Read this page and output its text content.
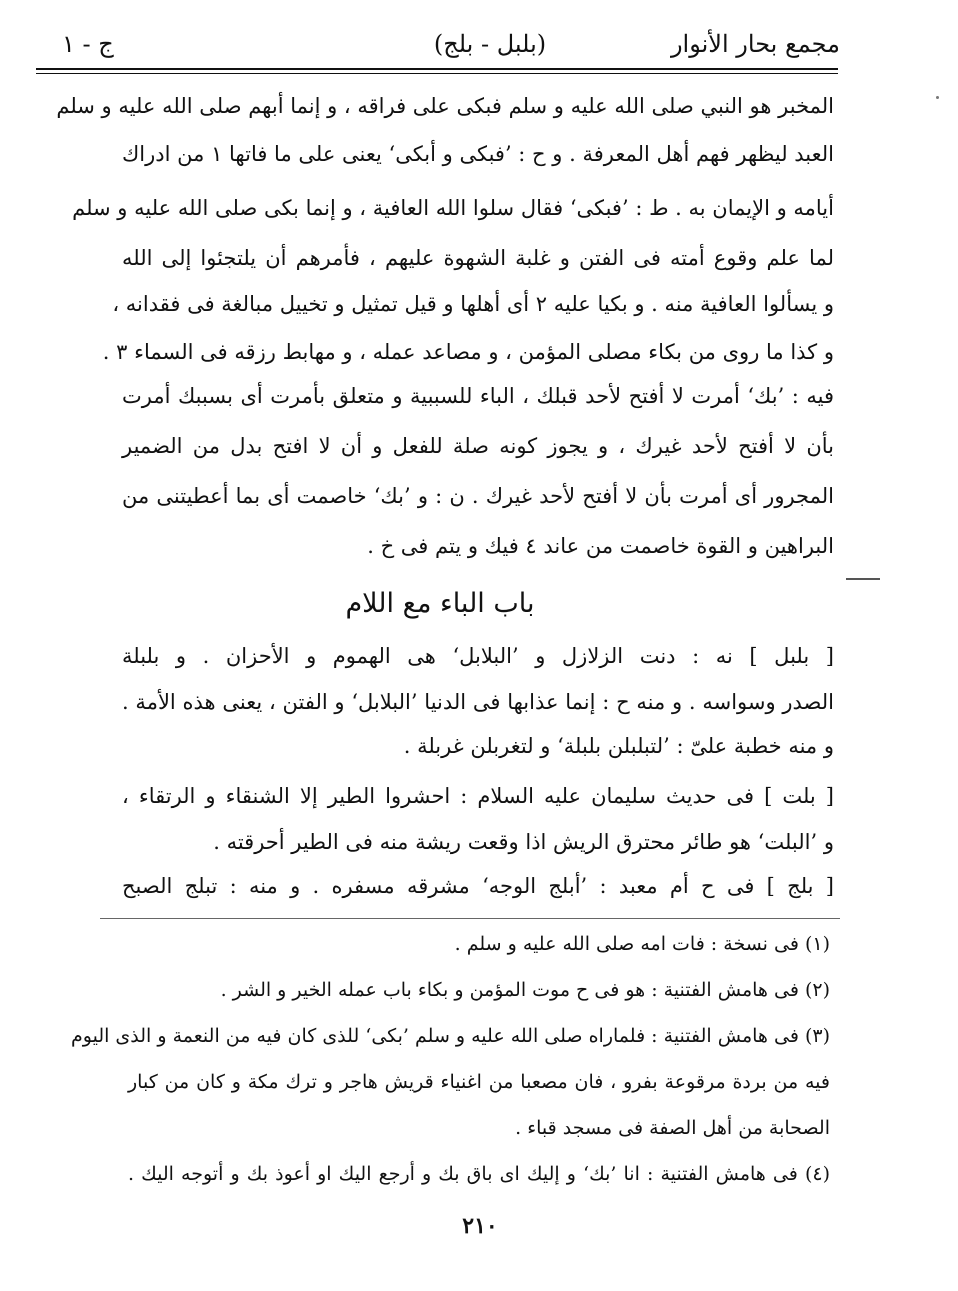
مجمع بحار الأنوار
(بلبل - بلج)
ج - ١
المخبر هو النبي صلى الله عليه و سلم فبكى على فراقه ، و إنما أبهم صلى الله عليه و سلم
العبد ليظهر فهم أهل المعرفة . و ح : ’فبكى و أبكى‘ يعنى على ما فاتها ١ من ادراك
أيامه و الإيمان به . ط : ’فبكى‘ فقال سلوا الله العافية ، و إنما بكى صلى الله عليه و سلم
لما علم وقوع أمته فى الفتن و غلبة الشهوة عليهم ، فأمرهم أن يلتجئوا إلى الله
و يسألوا العافية منه . و بكيا عليه ٢ أى أهلها و قيل تمثيل و تخييل مبالغة فى فقدانه ،
و كذا ما روى من بكاء مصلى المؤمن ، و مصاعد عمله ، و مهابط رزقه فى السماء ٣ .
فيه : ’بك‘ أمرت لا أفتح لأحد قبلك ، الباء للسببية و متعلق بأمرت أى بسببك أمرت
بأن لا أفتح لأحد غيرك ، و يجوز كونه صلة للفعل و أن لا افتح بدل من الضمير
المجرور أى أمرت بأن لا أفتح لأحد غيرك . ن : و ’بك‘ خاصمت أى بما أعطيتنى من
البراهين و القوة خاصمت من عاند ٤ فيك و يتم فى خ .
باب الباء مع اللام
[ بلبل ] نه : دنت الزلازل و ’البلابل‘ هى الهموم و الأحزان . و بلبلة
الصدر وسواسه . و منه ح : إنما عذابها فى الدنيا ’البلابل‘ و الفتن ، يعنى هذه الأمة .
و منه خطبة علىّ : ’لتبلبلن بلبلة‘ و لتغربلن غربلة .
[ بلت ] فى حديث سليمان عليه السلام : احشروا الطير إلا الشنقاء و الرتقاء ،
و ’البلت‘ هو طائر محترق الريش اذا وقعت ريشة منه فى الطير أحرقته .
[ بلج ] فى ح أم معبد : ’أبلج الوجه‘ مشرقه مسفره . و منه : تبلج الصبح
(١) فى نسخة : فات امه صلى الله عليه و سلم .
(٢) فى هامش الفتنية : هو فى ح موت المؤمن و بكاء باب عمله الخير و الشر .
(٣) فى هامش الفتنية : فلماراه صلى الله عليه و سلم ’بكى‘ للذى كان فيه من النعمة و الذى اليوم
فيه من بردة مرقوعة بفرو ، فان مصعبا من اغنياء قريش هاجر و ترك مكة و كان من كبار
الصحابة من أهل الصفة فى مسجد قباء .
(٤) فى هامش الفتنية : انا ’بك‘ و إليك اى باق بك و أرجع اليك او أعوذ بك و أتوجه اليك .
٢١٠
